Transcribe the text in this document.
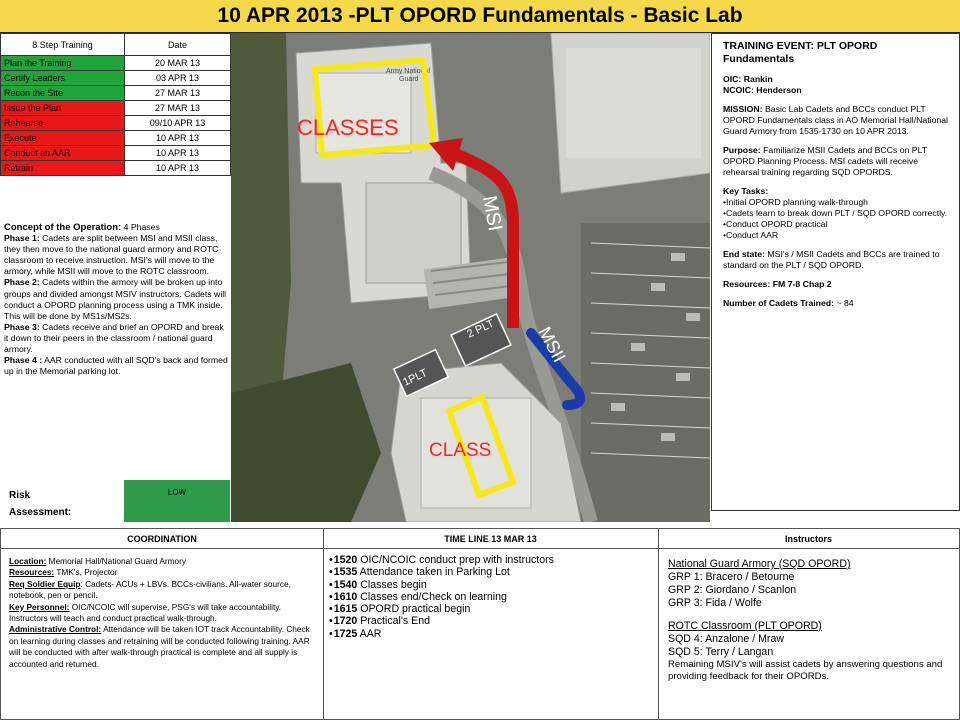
10 APR 2013 -PLT OPORD Fundamentals - Basic Lab
8 Step Training	Date
Plan the Training	20 MAR 13
Certify Leaders	03 APR 13
Recon the Site	27 MAR 13
Issue the Plan	27 MAR 13
Rehearse	09/10 APR 13
Execute	10 APR 13
Conduct an AAR	10 APR 13
Retrain	10 APR 13
Concept of the Operation: 4 Phases
Phase 1: Cadets are split between MSI and MSII class, they then move to the national guard armory and ROTC classroom to receive instruction. MSI's will move to the armory, while MSII will move to the ROTC classroom.
Phase 2: Cadets within the armory will be broken up into groups and divided amongst MSIV instructors. Cadets will conduct a OPORD planning process using a TMK inside. This will be done by MS1s/MS2s.
Phase 3: Cadets receive and brief an OPORD and break it down to their peers in the classroom / national guard armory.
Phase 4 : AAR conducted with all SQD's back and formed up in the Memorial parking lot.
Risk
Assessment:
LOW
Army National
Guard
1PLT
2 PLT
CLASSES
CLASS
MSI
MSII
TRAINING EVENT: PLT OPORD Fundamentals

OIC: Rankin

NCOIC: Henderson

MISSION: Basic Lab Cadets and BCCs conduct PLT OPORD Fundamentals class in AO Memorial Hall/National Guard Armory from 1535-1730 on 10 APR 2013.

Purpose: Familiarize MSII Cadets and BCCs on PLT OPORD Planning Process. MSI cadets will receive rehearsal training regarding SQD OPORDS.

Key Tasks:

•Initial OPORD planning walk-through
•Cadets learn to break down PLT / SQD OPORD correctly.
•Conduct OPORD practical
•Conduct AAR

End state: MSI's / MSII Cadets and BCCs are trained to standard on the PLT / SQD OPORD.

Resources: FM 7-8 Chap 2

Number of Cadets Trained: ~ 84

COORDINATION	TIME LINE 13 MAR 13	Instructors
Location: Memorial Hall/National Guard Armory
Resources: TMK's, Projector
Req Soldier Equip: Cadets- ACUs + LBVs. BCCs-civilians. All-water source, notebook, pen or pencil.
Key Personnel: OIC/NCOIC will supervise, PSG's will take accountability. Instructors will teach and conduct practical walk-through.
Administrative Control: Attendance will be taken IOT track Accountability. Check on learning during classes and retraining will be conducted following training. AAR will be conducted with after walk-through practical is complete and all supply is accounted and returned.
• 1520 OIC/NCOIC conduct prep with instructors
• 1535 Attendance taken in Parking Lot
• 1540 Classes begin
• 1610 Classes end/Check on learning
• 1615 OPORD practical begin
• 1720 Practical's End
• 1725 AAR
National Guard Armory (SQD OPORD)
GRP 1: Bracero / Betourne
GRP 2: Giordano / Scanlon
GRP 3: Fida / Wolfe
ROTC Classroom (PLT OPORD)
SQD 4: Anzalone / Mraw
SQD 5: Terry / Langan
Remaining MSIV's will assist cadets by answering questions and providing feedback for their OPORDs.
